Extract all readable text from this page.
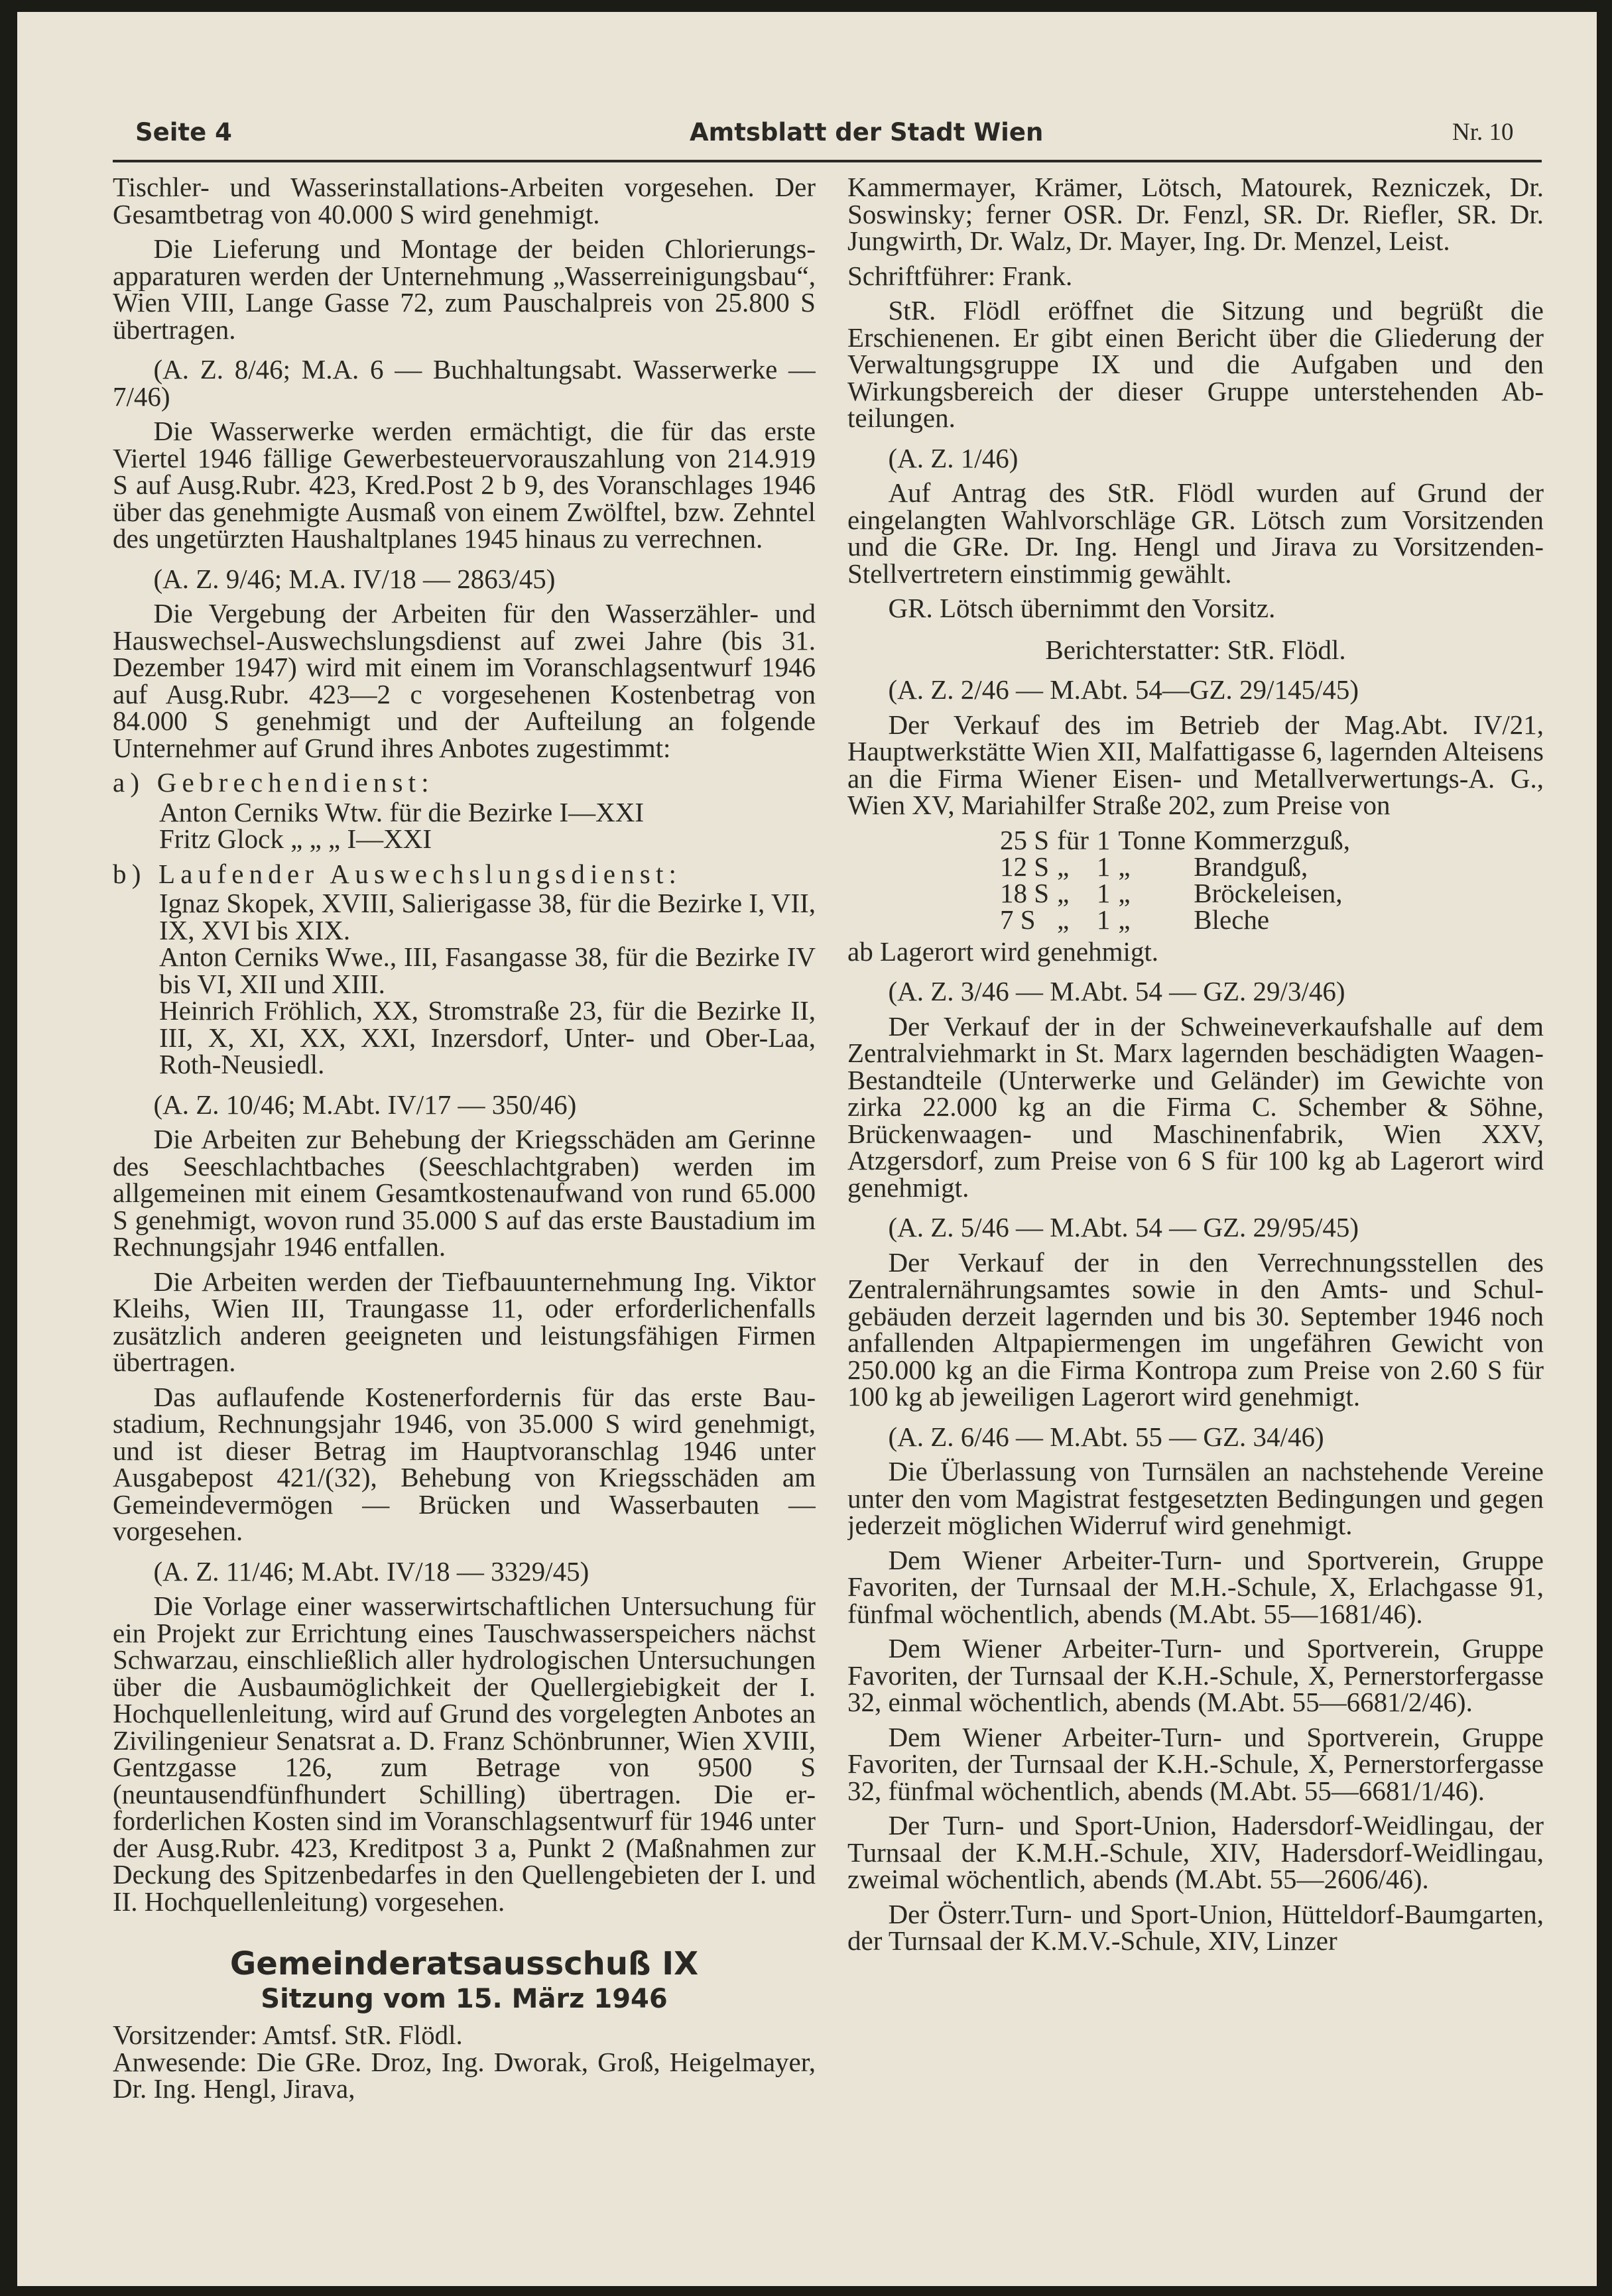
Seite 4	Amtsblatt der Stadt Wien	Nr. 10

Tischler- und Wasserinstallations-Arbeiten vorgesehen. Der Gesamtbetrag von 40.000 S wird genehmigt.

Die Lieferung und Montage der beiden Chlorierungsapparaturen werden der Unternehmung „Wasserreinigungsbau“, Wien VIII, Lange Gasse 72, zum Pauschalpreis von 25.800 S übertragen.

(A. Z. 8/46; M.A. 6 — Buchhaltungsabt. Wasserwerke — 7/46)

Die Wasserwerke werden ermächtigt, die für das erste Viertel 1946 fällige Gewerbesteuervorauszahlung von 214.919 S auf Ausg.Rubr. 423, Kred.Post 2 b 9, des Voranschlages 1946 über das genehmigte Ausmaß von einem Zwölftel, bzw. Zehntel des ungetürzten Haushaltplanes 1945 hinaus zu verrechnen.

(A. Z. 9/46; M.A. IV/18 — 2863/45)

Die Vergebung der Arbeiten für den Wasserzähler- und Hauswechsel-Auswechslungsdienst auf zwei Jahre (bis 31. Dezember 1947) wird mit einem im Voranschlagsentwurf 1946 auf Ausg.Rubr. 423—2 c vorgesehenen Kostenbetrag von 84.000 S genehmigt und der Aufteilung an folgende Unternehmer auf Grund ihres Anbotes zugestimmt:

a) Gebrechendienst:

Anton Cerniks Wtw. für die Bezirke I—XXI

Fritz Glock „ „ „ I—XXI

b) Laufender Auswechslungsdienst:

Ignaz Skopek, XVIII, Salierigasse 38, für die Bezirke I, VII, IX, XVI bis XIX.

Anton Cerniks Wwe., III, Fasangasse 38, für die Bezirke IV bis VI, XII und XIII.

Heinrich Fröhlich, XX, Stromstraße 23, für die Bezirke II, III, X, XI, XX, XXI, Inzersdorf, Unter- und Ober-Laa, Roth-Neusiedl.

(A. Z. 10/46; M.Abt. IV/17 — 350/46)

Die Arbeiten zur Behebung der Kriegsschäden am Gerinne des Seeschlachtbaches (Seeschlachtgraben) werden im allgemeinen mit einem Gesamtkostenaufwand von rund 65.000 S genehmigt, wovon rund 35.000 S auf das erste Baustadium im Rechnungsjahr 1946 entfallen.

Die Arbeiten werden der Tiefbauunternehmung Ing. Viktor Kleihs, Wien III, Traungasse 11, oder erforderlichenfalls zusätzlich anderen geeigneten und leistungsfähigen Firmen übertragen.

Das auflaufende Kostenerfordernis für das erste Baustadium, Rechnungsjahr 1946, von 35.000 S wird genehmigt, und ist dieser Betrag im Hauptvoranschlag 1946 unter Ausgabepost 421/(32), Behebung von Kriegsschäden am Gemeindevermögen — Brücken und Wasserbauten — vorgesehen.

(A. Z. 11/46; M.Abt. IV/18 — 3329/45)

Die Vorlage einer wasserwirtschaftlichen Untersuchung für ein Projekt zur Errichtung eines Tauschwasserspeichers nächst Schwarzau, einschließlich aller hydrologischen Untersuchungen über die Ausbaumöglichkeit der Quellergiebigkeit der I. Hochquellenleitung, wird auf Grund des vorgelegten Anbotes an Zivilingenieur Senatsrat a. D. Franz Schönbrunner, Wien XVIII, Gentzgasse 126, zum Betrage von 9500 S (neuntausendfünfhundert Schilling) übertragen. Die erforderlichen Kosten sind im Voranschlagsentwurf für 1946 unter der Ausg.Rubr. 423, Kreditpost 3 a, Punkt 2 (Maßnahmen zur Deckung des Spitzenbedarfes in den Quellengebieten der I. und II. Hochquellenleitung) vorgesehen.

Gemeinderatsausschuß IX

Sitzung vom 15. März 1946

Vorsitzender: Amtsf. StR. Flödl.

Anwesende: Die GRe. Droz, Ing. Dworak, Groß, Heigelmayer, Dr. Ing. Hengl, Jirava,

Kammermayer, Krämer, Lötsch, Matourek, Rezniczek, Dr. Soswinsky; ferner OSR. Dr. Fenzl, SR. Dr. Riefler, SR. Dr. Jungwirth, Dr. Walz, Dr. Mayer, Ing. Dr. Menzel, Leist.

Schriftführer: Frank.

StR. Flödl eröffnet die Sitzung und begrüßt die Erschienenen. Er gibt einen Bericht über die Gliederung der Verwaltungsgruppe IX und die Aufgaben und den Wirkungsbereich der dieser Gruppe unterstehenden Abteilungen.

(A. Z. 1/46)

Auf Antrag des StR. Flödl wurden auf Grund der eingelangten Wahlvorschläge GR. Lötsch zum Vorsitzenden und die GRe. Dr. Ing. Hengl und Jirava zu Vorsitzenden-Stellvertretern einstimmig gewählt.

GR. Lötsch übernimmt den Vorsitz.

Berichterstatter: StR. Flödl.

(A. Z. 2/46 — M.Abt. 54—GZ. 29/145/45)

Der Verkauf des im Betrieb der Mag.Abt. IV/21, Hauptwerkstätte Wien XII, Malfattigasse 6, lagernden Alteisens an die Firma Wiener Eisen- und Metallverwertungs-A. G., Wien XV, Mariahilfer Straße 202, zum Preise von

25 S	für	1	Tonne	Kommerzguß,
12 S	„	1	„	Brandguß,
18 S	„	1	„	Bröckeleisen,
7 S	„	1	„	Bleche

ab Lagerort wird genehmigt.

(A. Z. 3/46 — M.Abt. 54 — GZ. 29/3/46)

Der Verkauf der in der Schweineverkaufshalle auf dem Zentralviehmarkt in St. Marx lagernden beschädigten Waagen-Bestandteile (Unterwerke und Geländer) im Gewichte von zirka 22.000 kg an die Firma C. Schember & Söhne, Brückenwaagen- und Maschinenfabrik, Wien XXV, Atzgersdorf, zum Preise von 6 S für 100 kg ab Lagerort wird genehmigt.

(A. Z. 5/46 — M.Abt. 54 — GZ. 29/95/45)

Der Verkauf der in den Verrechnungsstellen des Zentralernährungsamtes sowie in den Amts- und Schulgebäuden derzeit lagernden und bis 30. September 1946 noch anfallenden Altpapiermengen im ungefähren Gewicht von 250.000 kg an die Firma Kontropa zum Preise von 2.60 S für 100 kg ab jeweiligen Lagerort wird genehmigt.

(A. Z. 6/46 — M.Abt. 55 — GZ. 34/46)

Die Überlassung von Turnsälen an nachstehende Vereine unter den vom Magistrat festgesetzten Bedingungen und gegen jederzeit möglichen Widerruf wird genehmigt.

Dem Wiener Arbeiter-Turn- und Sportverein, Gruppe Favoriten, der Turnsaal der M.H.-Schule, X, Erlachgasse 91, fünfmal wöchentlich, abends (M.Abt. 55—1681/46).

Dem Wiener Arbeiter-Turn- und Sportverein, Gruppe Favoriten, der Turnsaal der K.H.-Schule, X, Pernerstorfergasse 32, einmal wöchentlich, abends (M.Abt. 55—6681/2/46).

Dem Wiener Arbeiter-Turn- und Sportverein, Gruppe Favoriten, der Turnsaal der K.H.-Schule, X, Pernerstorfergasse 32, fünfmal wöchentlich, abends (M.Abt. 55—6681/1/46).

Der Turn- und Sport-Union, Hadersdorf-Weidlingau, der Turnsaal der K.M.H.-Schule, XIV, Hadersdorf-Weidlingau, zweimal wöchentlich, abends (M.Abt. 55—2606/46).

Der Österr.Turn- und Sport-Union, Hütteldorf-Baumgarten, der Turnsaal der K.M.V.-Schule, XIV, Linzer
